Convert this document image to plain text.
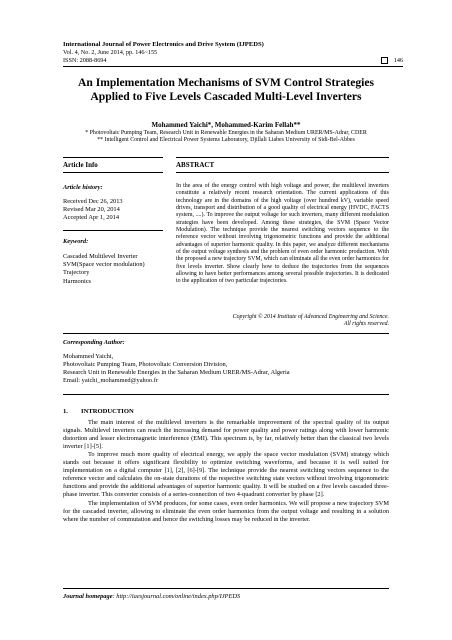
International Journal of Power Electronics and Drive System (IJPEDS)
Vol. 4, No. 2, June 2014, pp. 146~155
ISSN: 2088-8694	146
An Implementation Mechanisms of SVM Control Strategies
Applied to Five Levels Cascaded Multi-Level Inverters
Mohammed Yaichi*, Mohammed-Karim Fellah**
* Photovoltaic Pumping Team, Research Unit in Renewable Energies in the Saharan Medium URER/MS-Adrar, CDER
** Intelligent Control and Electrical Power Systems Laboratory, Djillali Liabes University of Sidi-Bel-Abbes
Article Info	ABSTRACT
Article history:
Received Dec 26, 2013
Revised Mar 20, 2014
Accepted Apr 1, 2014
Keyword:
Cascaded Multilevel Inverter
SVM(Space vector modulation)
Trajectory
Harmonics
In the area of the energy control with high voltage and power, the multilevel inverters constitute a relatively recent research orientation. The current applications of this technology are in the domains of the high voltage (over hundred kV), variable speed drives, transport and distribution of a good quality of electrical energy (HVDC, FACTS system, ....). To improve the output voltage for such inverters, many different modulation strategies have been developed. Among these strategies, the SVM (Space Vector Modulation). The technique provide the nearest switching vectors sequence to the reference vector without involving trigonometric functions and provide the additional advantages of superior harmonic quality. In this paper, we analyze different mechanisms of the output voltage synthesis and the problem of even order harmonic production. With the proposed a new trajectory SVM, which can eliminate all the even order harmonics for five levels inverter. Show clearly how to deduce the trajectories from the sequences allowing to have better performances among several possible trajectories. It is dedicated to the application of two particular trajectories.
Copyright © 2014 Institute of Advanced Engineering and Science.
All rights reserved.
Corresponding Author:
Mohammed Yaichi,
Photovoltaic Pumping Team, Photovoltaic Conversion Division,
Research Unit in Renewable Energies in the Saharan Medium URER/MS-Adrar, Algeria
Email: yaichi_mohammed@yahoo.fr
1. INTRODUCTION

The main interest of the multilevel inverters is the remarkable improvement of the spectral quality of its output signals. Multilevel inverters can reach the increasing demand for power quality and power ratings along with lower harmonic distortion and lesser electromagnetic interference (EMI). This spectrum is, by far, relatively better than the classical two levels inverter [1]-[5].

To improve much more quality of electrical energy, we apply the space vector modulation (SVM) strategy which stands out because it offers significant flexibility to optimize switching waveforms, and because it is well suited for implementation on a digital computer [1], [2], [6]-[9]. The technique provide the nearest switching vectors sequence to the reference vector and calculates the on-state durations of the respective switching state vectors without involving trigonometric functions and provide the additional advantages of superior harmonic quality. It will be studied on a five levels cascaded three-phase inverter. This converter consists of a series-connection of two 4-quadrant converter by phase [2].

The implementation of SVM produces, for some cases, even order harmonics. We will propose a new trajectory SVM for the cascaded inverter, allowing to eliminate the even order harmonics from the output voltage and resulting in a solution where the number of commutation and hence the switching losses may be reduced in the inverter.

Journal homepage: http://iaesjournal.com/online/index.php/IJPEDS
